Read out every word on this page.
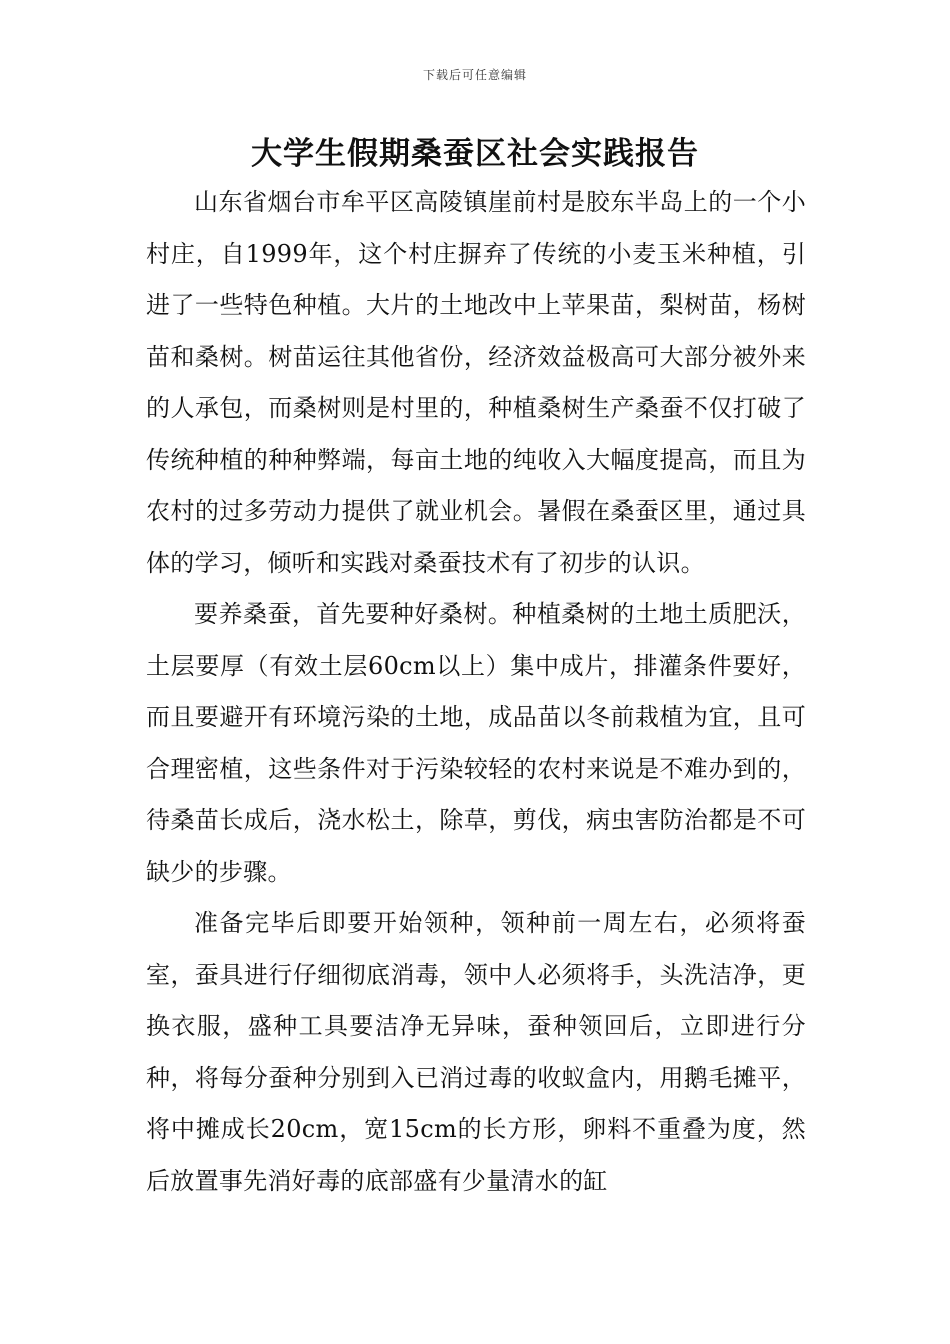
下载后可任意编辑
大学生假期桑蚕区社会实践报告

山东省烟台市牟平区高陵镇崖前村是胶东半岛上的一个小村庄，自1999年，这个村庄摒弃了传统的小麦玉米种植，引进了一些特色种植。大片的土地改中上苹果苗，梨树苗，杨树苗和桑树。树苗运往其他省份，经济效益极高可大部分被外来的人承包，而桑树则是村里的，种植桑树生产桑蚕不仅打破了传统种植的种种弊端，每亩土地的纯收入大幅度提高，而且为农村的过多劳动力提供了就业机会。暑假在桑蚕区里，通过具体的学习，倾听和实践对桑蚕技术有了初步的认识。

要养桑蚕，首先要种好桑树。种植桑树的土地土质肥沃，土层要厚（有效土层60cm以上）集中成片，排灌条件要好，而且要避开有环境污染的土地，成品苗以冬前栽植为宜，且可合理密植，这些条件对于污染较轻的农村来说是不难办到的，待桑苗长成后，浇水松土，除草，剪伐，病虫害防治都是不可缺少的步骤。

准备完毕后即要开始领种，领种前一周左右，必须将蚕室，蚕具进行仔细彻底消毒，领中人必须将手，头洗洁净，更换衣服，盛种工具要洁净无异味，蚕种领回后，立即进行分种，将每分蚕种分别到入已消过毒的收蚁盒内，用鹅毛摊平，将中摊成长20cm，宽15cm的长方形，卵料不重叠为度，然后放置事先消好毒的底部盛有少量清水的缸
